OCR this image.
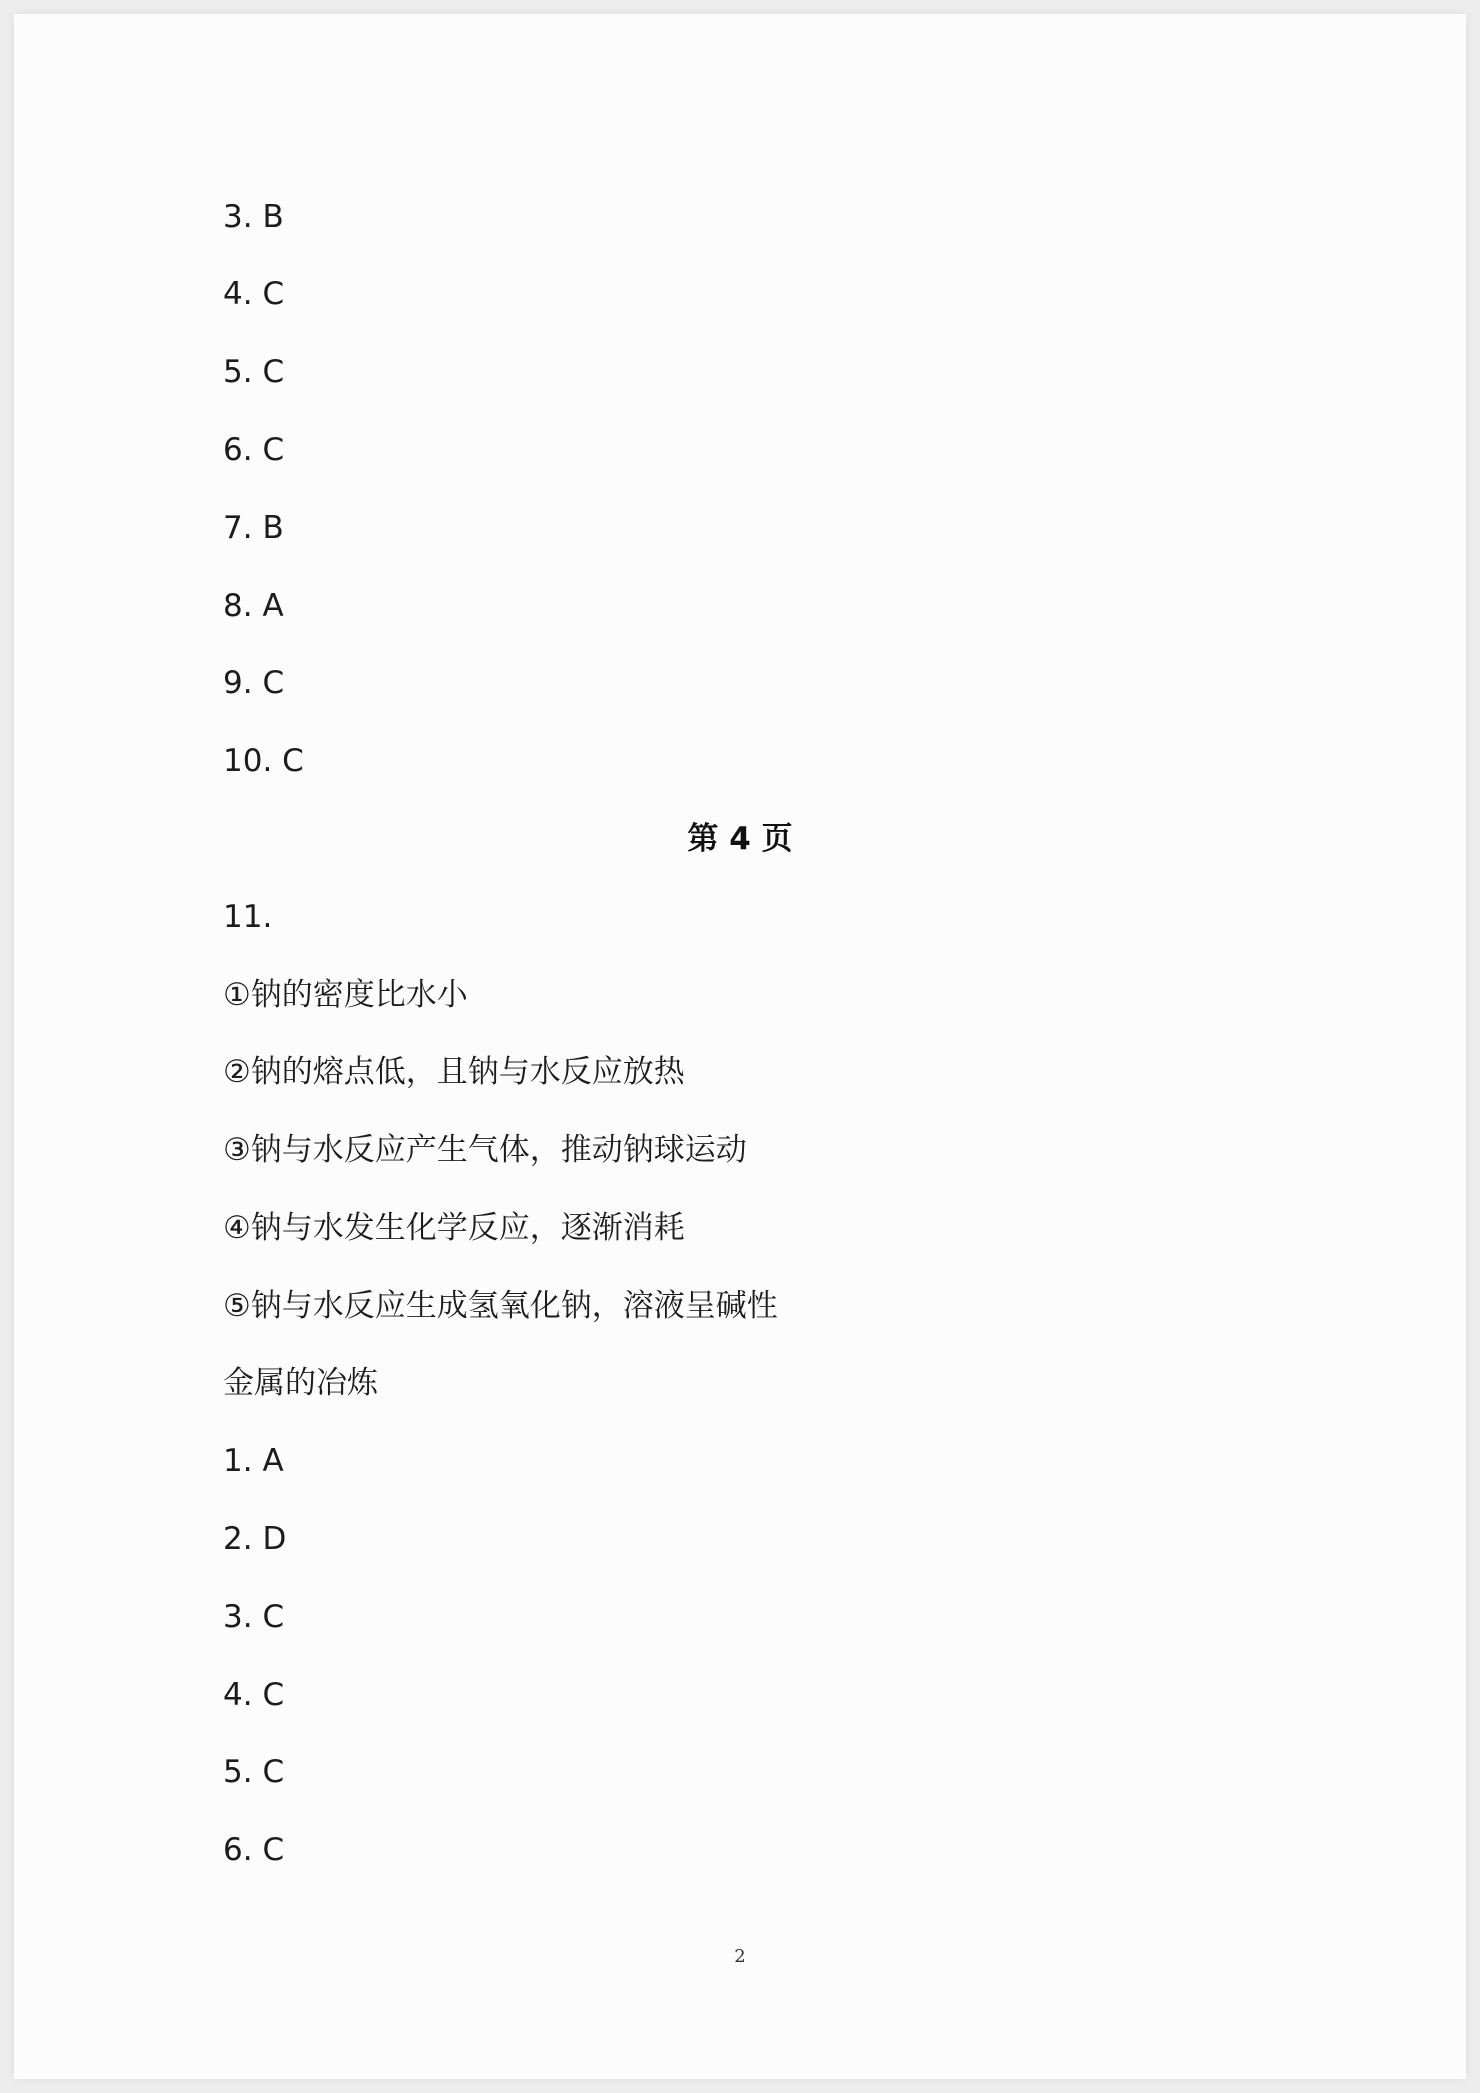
3. B
4. C
5. C
6. C
7. B
8. A
9. C
10. C
第 4 页
11.
①钠的密度比水小
②钠的熔点低，且钠与水反应放热
③钠与水反应产生气体，推动钠球运动
④钠与水发生化学反应，逐渐消耗
⑤钠与水反应生成氢氧化钠，溶液呈碱性
金属的冶炼
1. A
2. D
3. C
4. C
5. C
6. C
2
